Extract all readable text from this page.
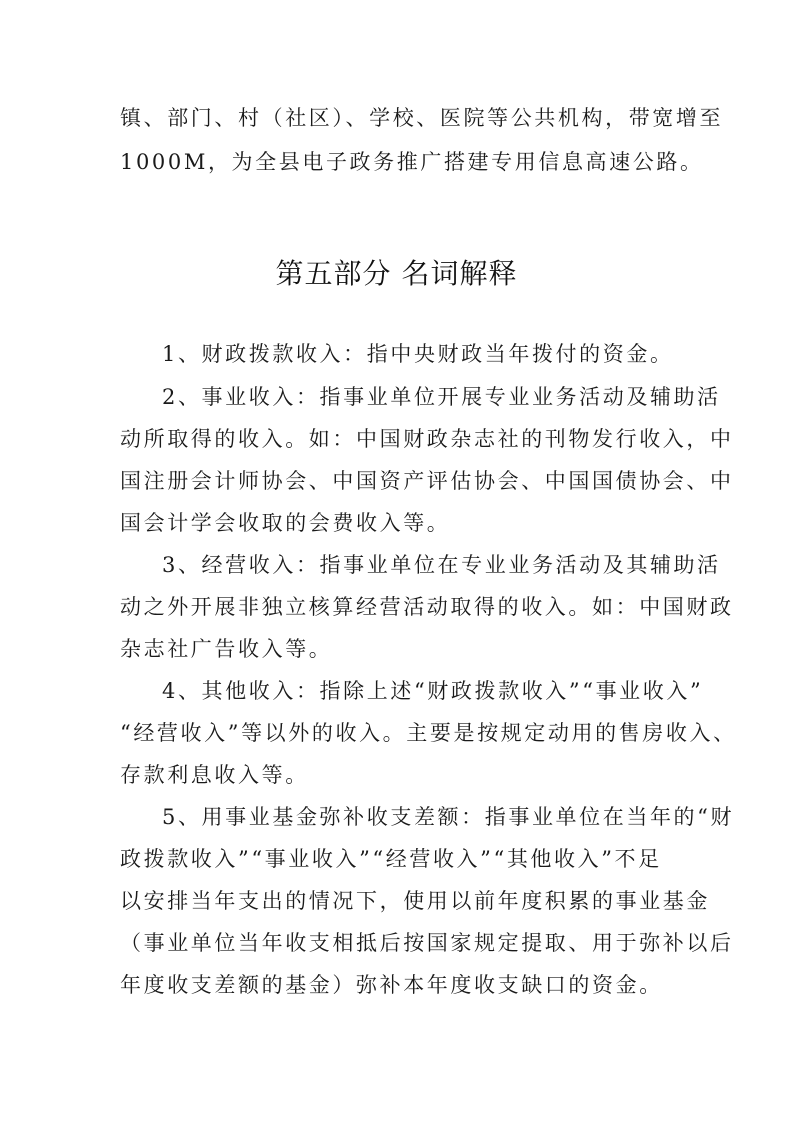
镇、部门、村（社区）、学校、医院等公共机构，带宽增至
1000M，为全县电子政务推广搭建专用信息高速公路。
第五部分 名词解释
1、财政拨款收入：指中央财政当年拨付的资金。
2、事业收入：指事业单位开展专业业务活动及辅助活
动所取得的收入。如：中国财政杂志社的刊物发行收入，中
国注册会计师协会、中国资产评估协会、中国国债协会、中
国会计学会收取的会费收入等。
3、经营收入：指事业单位在专业业务活动及其辅助活
动之外开展非独立核算经营活动取得的收入。如：中国财政
杂志社广告收入等。
4、其他收入：指除上述“财政拨款收入”“事业收入”
“经营收入”等以外的收入。主要是按规定动用的售房收入、
存款利息收入等。
5、用事业基金弥补收支差额：指事业单位在当年的“财
政拨款收入”“事业收入”“经营收入”“其他收入”不足
以安排当年支出的情况下，使用以前年度积累的事业基金
（事业单位当年收支相抵后按国家规定提取、用于弥补以后
年度收支差额的基金）弥补本年度收支缺口的资金。
